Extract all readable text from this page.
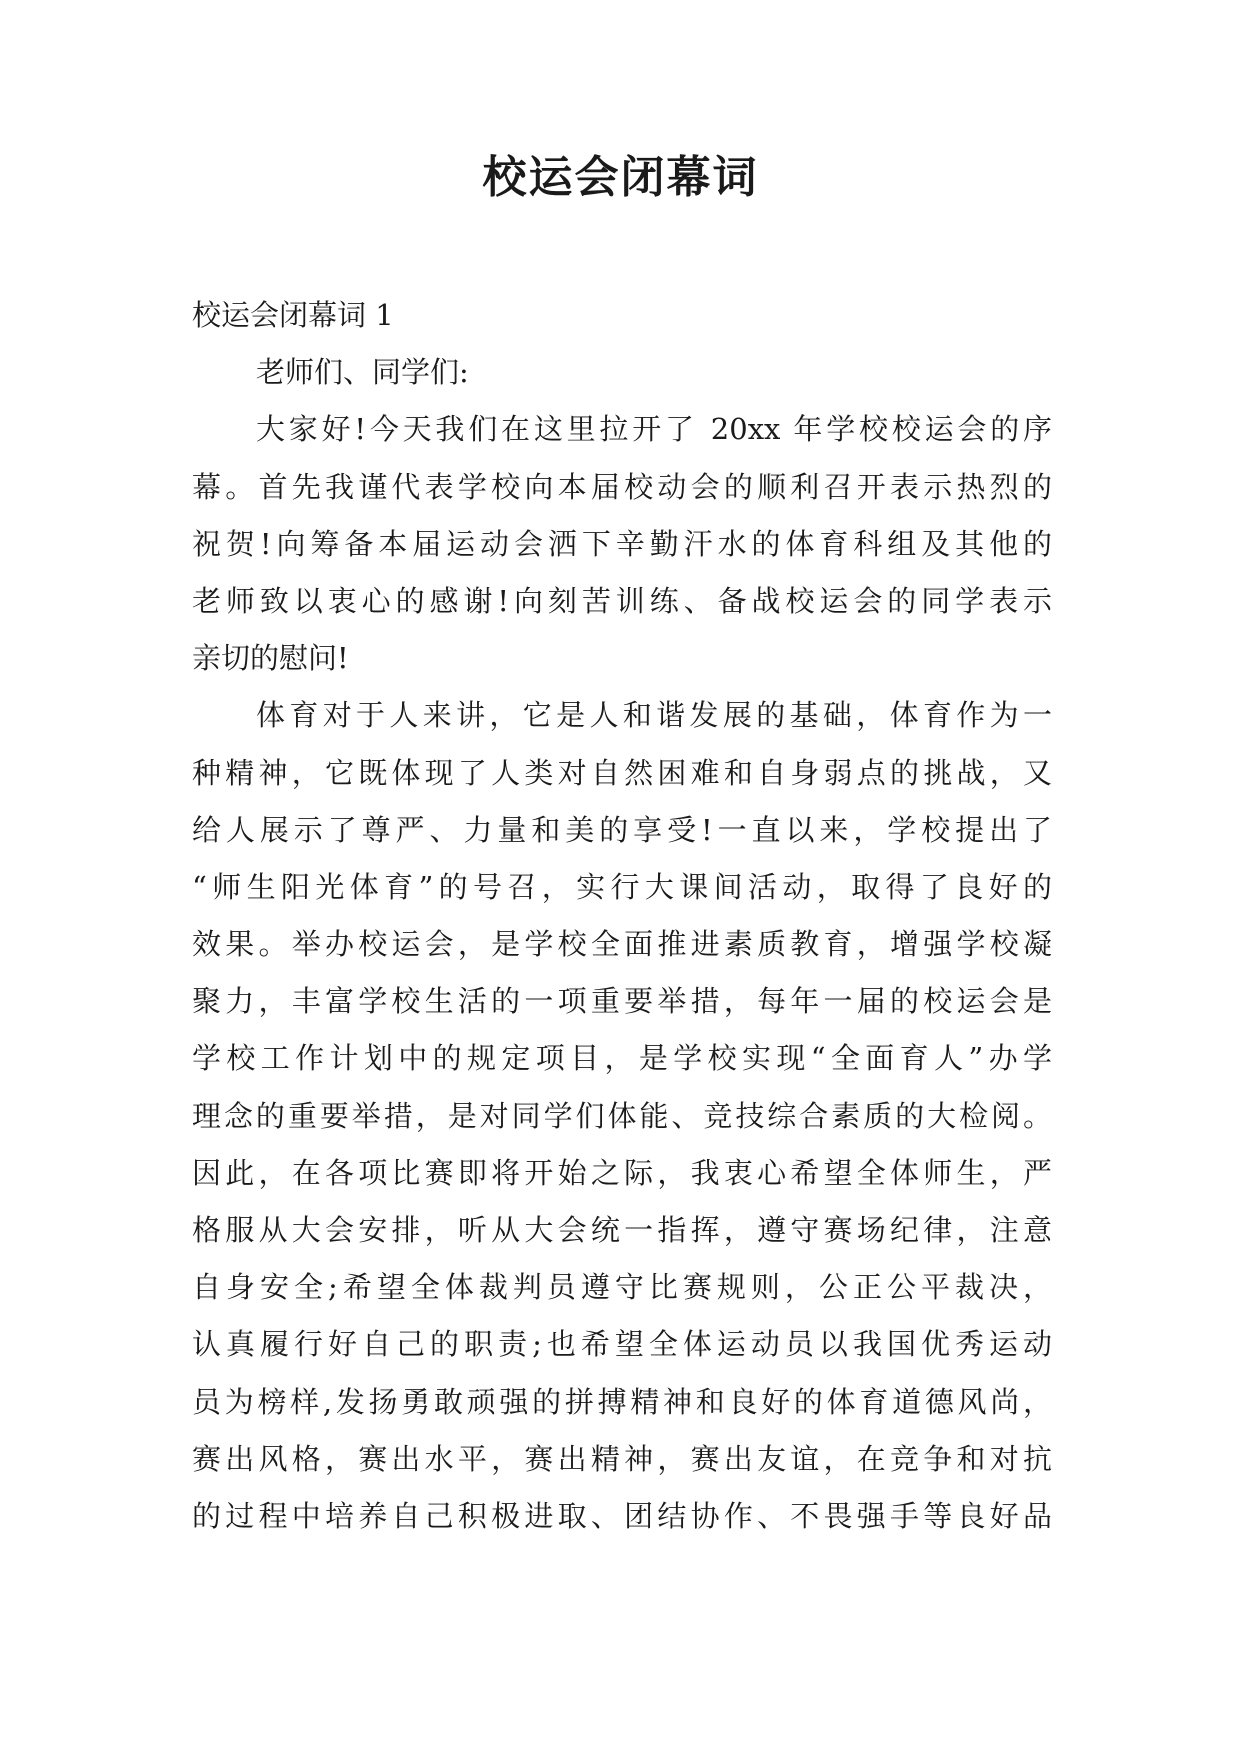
校运会闭幕词
校运会闭幕词 1
老师们、同学们:
大家好!今天我们在这里拉开了 20xx 年学校校运会的序
幕。首先我谨代表学校向本届校动会的顺利召开表示热烈的
祝贺!向筹备本届运动会洒下辛勤汗水的体育科组及其他的
老师致以衷心的感谢!向刻苦训练、备战校运会的同学表示
亲切的慰问!
体育对于人来讲，它是人和谐发展的基础，体育作为一
种精神，它既体现了人类对自然困难和自身弱点的挑战，又
给人展示了尊严、力量和美的享受!一直以来，学校提出了
“师生阳光体育”的号召，实行大课间活动，取得了良好的
效果。举办校运会，是学校全面推进素质教育，增强学校凝
聚力，丰富学校生活的一项重要举措，每年一届的校运会是
学校工作计划中的规定项目，是学校实现“全面育人”办学
理念的重要举措，是对同学们体能、竞技综合素质的大检阅。
因此，在各项比赛即将开始之际，我衷心希望全体师生，严
格服从大会安排，听从大会统一指挥，遵守赛场纪律，注意
自身安全;希望全体裁判员遵守比赛规则，公正公平裁决，
认真履行好自己的职责;也希望全体运动员以我国优秀运动
员为榜样,发扬勇敢顽强的拼搏精神和良好的体育道德风尚，
赛出风格，赛出水平，赛出精神，赛出友谊，在竞争和对抗
的过程中培养自己积极进取、团结协作、不畏强手等良好品
